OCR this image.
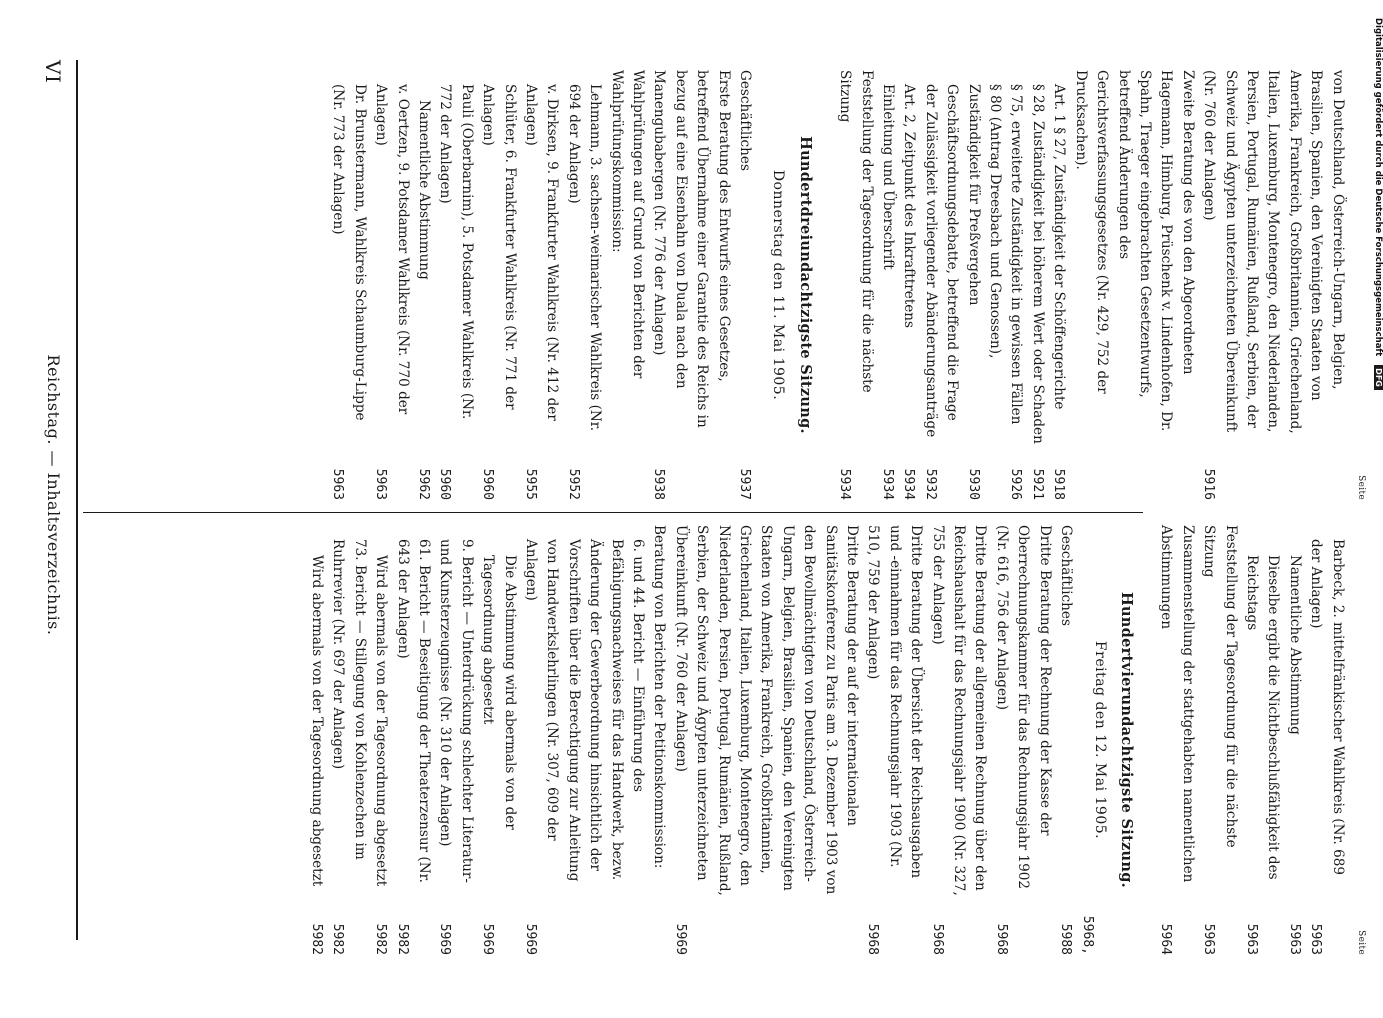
Digitalisierung gefördert durch die Deutsche Forschungsgemeinschaft DFG
Seite
von Deutschland, Österreich-Ungarn, Belgien, Brasilien, Spanien, den Vereinigten Staaten von Amerika, Frankreich, Großbritannien, Griechenland, Italien, Luxemburg, Montenegro, den Niederlanden, Persien, Portugal, Rumänien, Rußland, Serbien, der Schweiz und Ägypten unterzeichneten Übereinkunft (Nr. 760 der Anlagen)
5916
Zweite Beratung des von den Abgeordneten Hagemann, Himburg, Prüschenk v. Lindenhofen, Dr. Spahn, Traeger eingebrachten Gesetzentwurfs, betreffend Änderungen des Gerichtsverfassungsgesetzes (Nr. 429, 752 der Drucksachen).
Art. 1 § 27, Zuständigkeit der Schöffengerichte
5918
§ 28, Zuständigkeit bei höherem Wert oder Schaden
5921
§ 75, erweiterte Zuständigkeit in gewissen Fällen
5926
§ 80 (Antrag Dreesbach und Genossen), Zuständigkeit für Preßvergehen
5930
Geschäftsordnungsdebatte, betreffend die Frage der Zulässigkeit vorliegender Abänderungsanträge
5932
Art. 2, Zeitpunkt des Inkrafttretens
5934
Einleitung und Überschrift
5934
Feststellung der Tagesordnung für die nächste Sitzung
5934
Hundertdreiundachtzigste Sitzung.
Donnerstag den 11. Mai 1905.
Geschäftliches
5937
Erste Beratung des Entwurfs eines Gesetzes, betreffend Übernahme einer Garantie des Reichs in bezug auf eine Eisenbahn von Duala nach den Manengubabergen (Nr. 776 der Anlagen)
5938
Wahlprüfungen auf Grund von Berichten der Wahlprüfungskommission:
Lehmann, 3. sachsen-weimarischer Wahlkreis (Nr. 694 der Anlagen)
5952
v. Dirksen, 9. Frankfurter Wahlkreis (Nr. 412 der Anlagen)
5955
Schlüter, 6. Frankfurter Wahlkreis (Nr. 771 der Anlagen)
5960
Pauli (Oberbarnim), 5. Potsdamer Wahlkreis (Nr. 772 der Anlagen)
5960
Namentliche Abstimmung
5962
v. Oertzen, 9. Potsdamer Wahlkreis (Nr. 770 der Anlagen)
5963
Dr. Brunstermann, Wahlkreis Schaumburg-Lippe (Nr. 773 der Anlagen)
5963
Seite
Barbeck, 2. mittelfränkischer Wahlkreis (Nr. 689 der Anlagen)
5963
Namentliche Abstimmung
5963
Dieselbe ergibt die Nichtbeschlußfähigkeit des Reichstags
5963
Feststellung der Tagesordnung für die nächste Sitzung
5963
Zusammenstellung der stattgehabten namentlichen Abstimmungen
5964
Hundertvierundachtzigste Sitzung.
Freitag den 12. Mai 1905.
Geschäftliches
5968, 5988
Dritte Beratung der Rechnung der Kasse der Oberrechnungskammer für das Rechnungsjahr 1902 (Nr. 616, 756 der Anlagen)
5968
Dritte Beratung der allgemeinen Rechnung über den Reichshaushalt für das Rechnungsjahr 1900 (Nr. 327, 755 der Anlagen)
5968
Dritte Beratung der Übersicht der Reichsausgaben und -einnahmen für das Rechnungsjahr 1903 (Nr. 510, 759 der Anlagen)
5968
Dritte Beratung der auf der internationalen Sanitätskonferenz zu Paris am 3. Dezember 1903 von den Bevollmächtigten von Deutschland, Österreich-Ungarn, Belgien, Brasilien, Spanien, den Vereinigten Staaten von Amerika, Frankreich, Großbritannien, Griechenland, Italien, Luxemburg, Montenegro, den Niederlanden, Persien, Portugal, Rumänien, Rußland, Serbien, der Schweiz und Ägypten unterzeichneten Übereinkunft (Nr. 760 der Anlagen)
5969
Beratung von Berichten der Petitionskommission:
6. und 44. Bericht — Einführung des Befähigungsnachweises für das Handwerk, bezw. Änderung der Gewerbeordnung hinsichtlich der Vorschriften über die Berechtigung zur Anleitung von Handwerkslehrlingen (Nr. 307, 609 der Anlagen)
5969
Die Abstimmung wird abermals von der Tagesordnung abgesetzt
5969
9. Bericht — Unterdrückung schlechter Literatur- und Kunsterzeugnisse (Nr. 310 der Anlagen)
5969
61. Bericht — Beseitigung der Theaterzensur (Nr. 643 der Anlagen)
5982
Wird abermals von der Tagesordnung abgesetzt
5982
73. Bericht — Stillegung von Kohlenzechen im Ruhrrevier (Nr. 697 der Anlagen)
5982
Wird abermals von der Tagesordnung abgesetzt
5982
VI
Reichstag. — Inhaltsverzeichnis.
